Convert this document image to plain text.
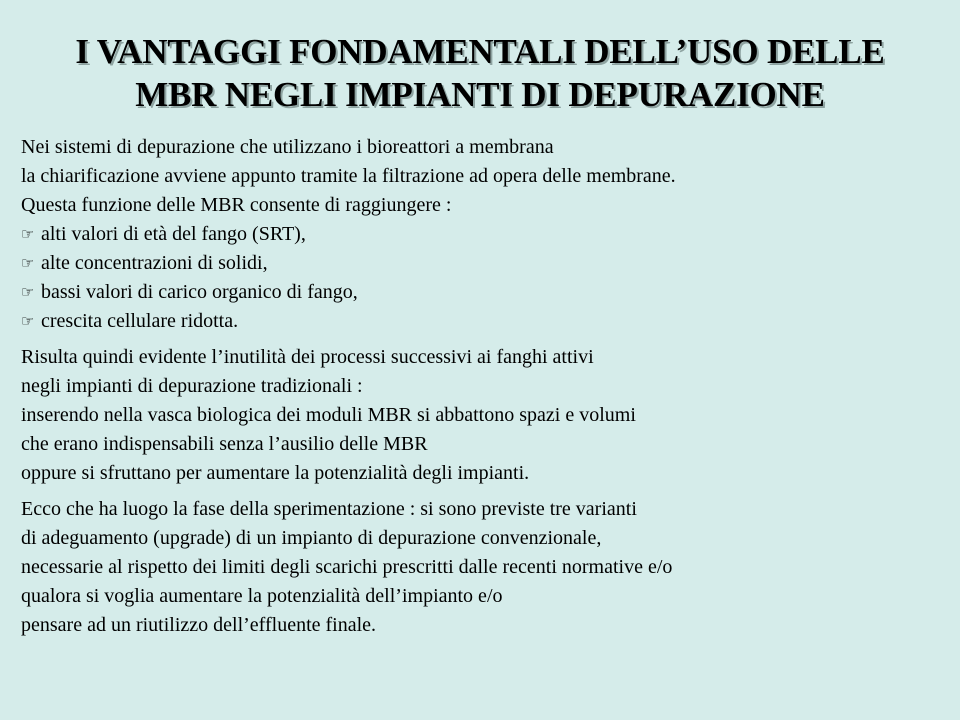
I VANTAGGI FONDAMENTALI DELL’USO DELLE
MBR NEGLI IMPIANTI DI DEPURAZIONE
Nei sistemi di depurazione che utilizzano i bioreattori a membrana
la chiarificazione avviene appunto tramite la filtrazione ad opera delle membrane.
Questa funzione delle MBR consente di raggiungere :
☞ alti valori di età del fango (SRT),
☞ alte concentrazioni di solidi,
☞ bassi valori di carico organico di fango,
☞ crescita cellulare ridotta.
Risulta quindi evidente l’inutilità dei processi successivi ai fanghi attivi
negli impianti di depurazione tradizionali :
inserendo nella vasca biologica dei moduli MBR si abbattono spazi e volumi
che erano indispensabili senza l’ausilio delle MBR
oppure si sfruttano per aumentare la potenzialità degli impianti.
Ecco che ha luogo la fase della sperimentazione : si sono previste tre varianti
di adeguamento (upgrade) di un impianto di depurazione convenzionale,
necessarie al rispetto dei limiti degli scarichi prescritti dalle recenti normative e/o
qualora si voglia aumentare la potenzialità dell’impianto e/o
pensare ad un riutilizzo dell’effluente finale.
